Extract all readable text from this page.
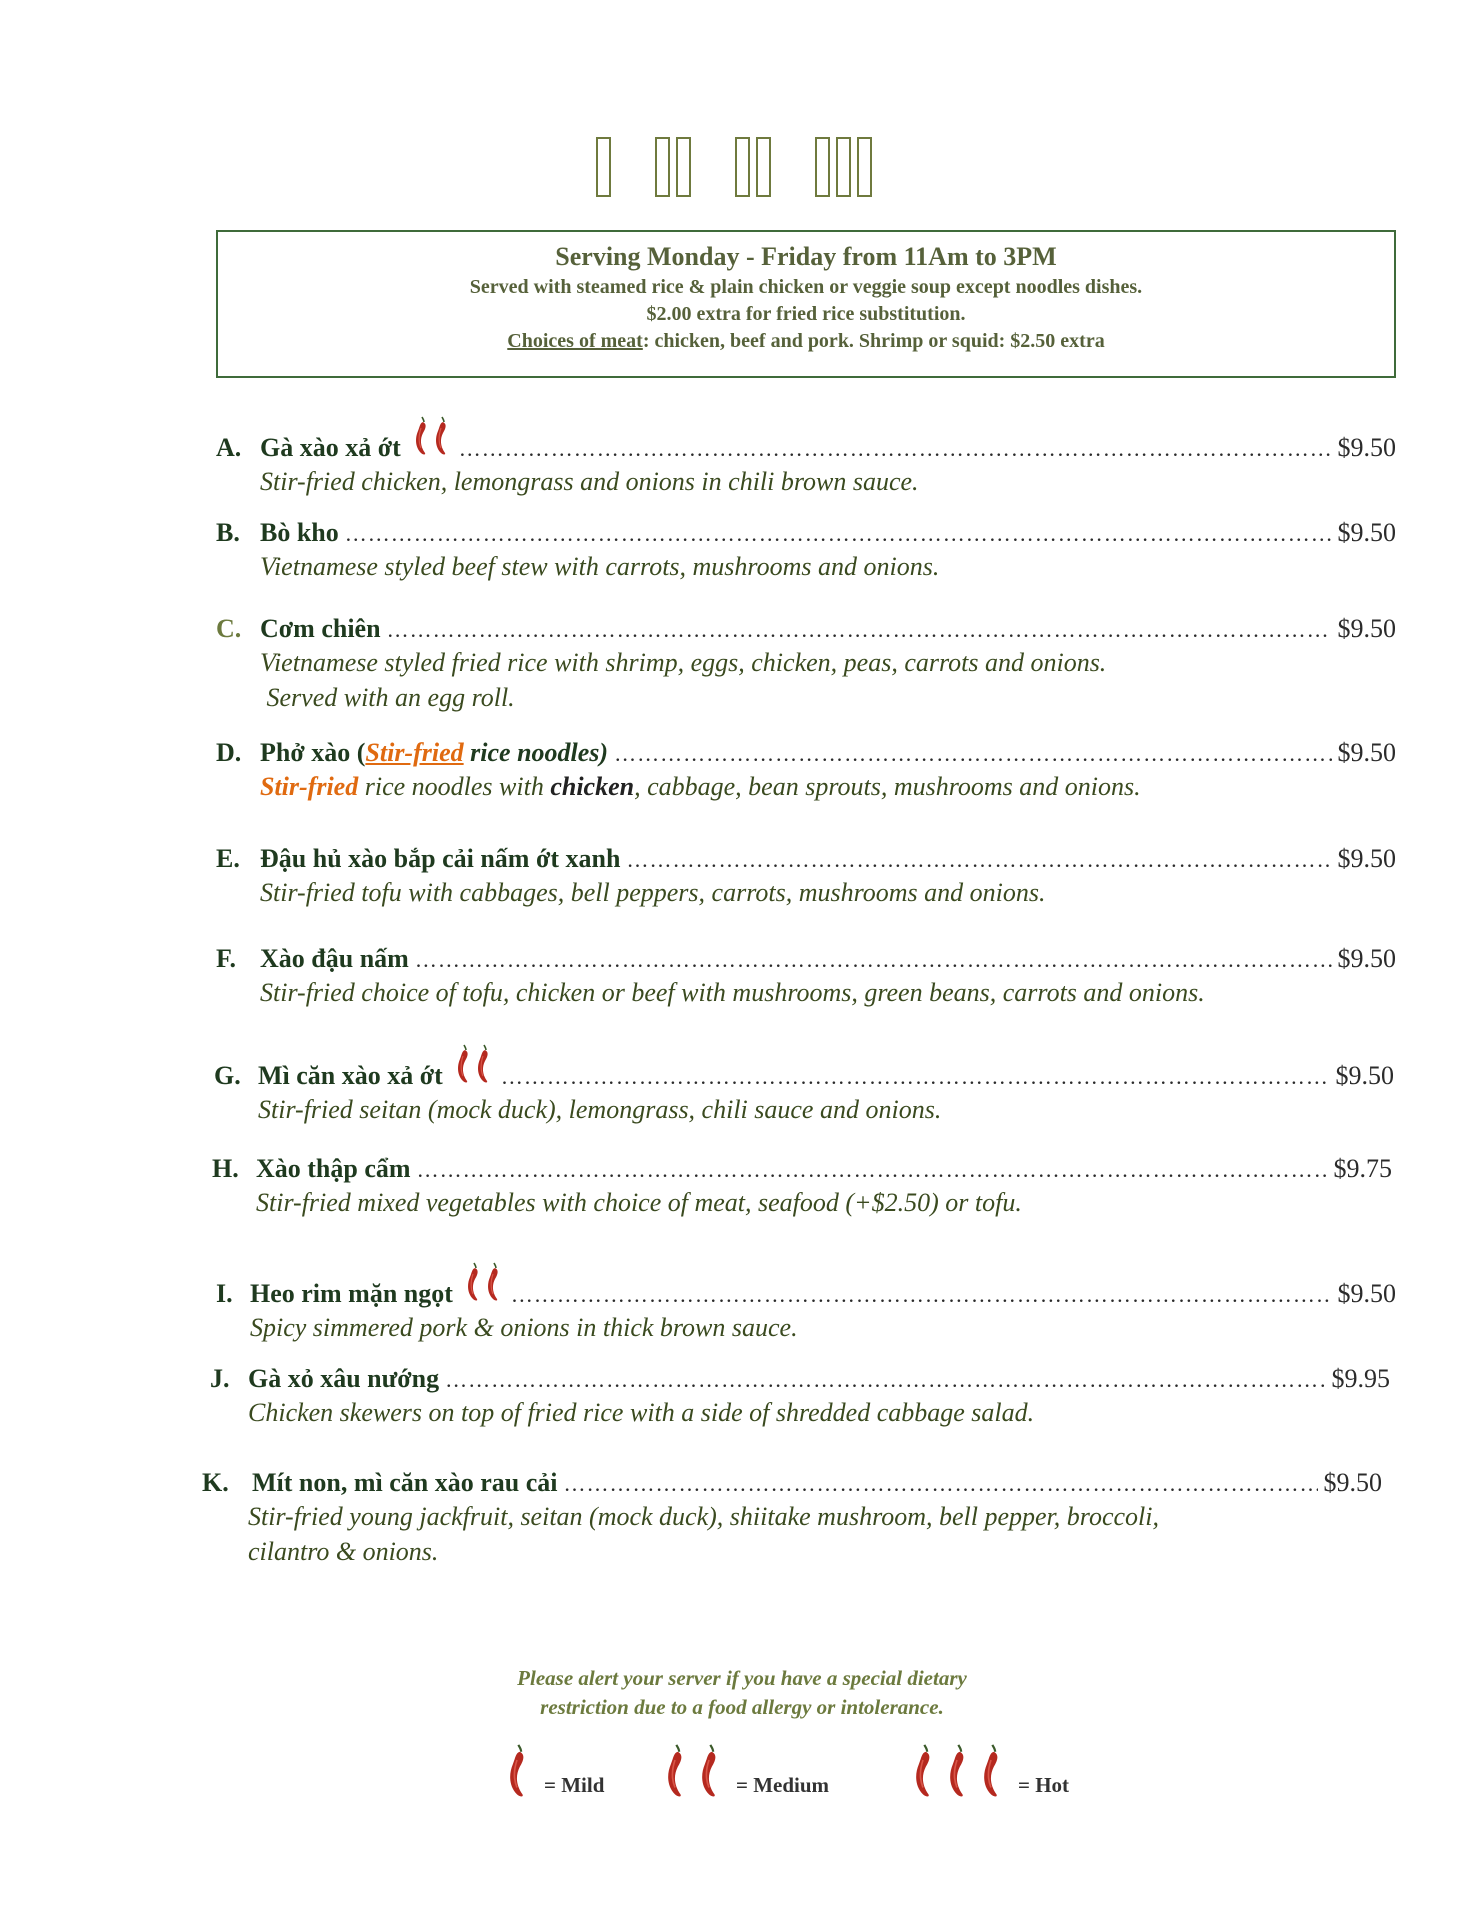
Serving Monday - Friday from 11Am to 3PM
Served with steamed rice & plain chicken or veggie soup except noodles dishes.
$2.00 extra for fried rice substitution.
Choices of meat: chicken, beef and pork. Shrimp or squid: $2.50 extra
A. Gà xào xả ớt ……………………………………………………………………………………………………………………………………………………………………	$9.50
Stir-fried chicken, lemongrass and onions in chili brown sauce.
B. Bò kho ……………………………………………………………………………………………………………………………………………………………………	$9.50
Vietnamese styled beef stew with carrots, mushrooms and onions.
C. Cơm chiên ……………………………………………………………………………………………………………………………………………………………………	$9.50
Vietnamese styled fried rice with shrimp, eggs, chicken, peas, carrots and onions.
Served with an egg roll.
D. Phở xào (Stir-fried rice noodles) ……………………………………………………………………………………………………………………………………………………………………	$9.50
Stir-fried rice noodles with chicken, cabbage, bean sprouts, mushrooms and onions.
E. Đậu hủ xào bắp cải nấm ớt xanh ……………………………………………………………………………………………………………………………………………………………………	$9.50
Stir-fried tofu with cabbages, bell peppers, carrots, mushrooms and onions.
F. Xào đậu nấm ……………………………………………………………………………………………………………………………………………………………………	$9.50
Stir-fried choice of tofu, chicken or beef with mushrooms, green beans, carrots and onions.
G. Mì căn xào xả ớt ……………………………………………………………………………………………………………………………………………………………………	$9.50
Stir-fried seitan (mock duck), lemongrass, chili sauce and onions.
H. Xào thập cẩm ……………………………………………………………………………………………………………………………………………………………………	$9.75
Stir-fried mixed vegetables with choice of meat, seafood (+$2.50) or tofu.
I. Heo rim mặn ngọt ……………………………………………………………………………………………………………………………………………………………………	$9.50
Spicy simmered pork & onions in thick brown sauce.
J. Gà xỏ xâu nướng ……………………………………………………………………………………………………………………………………………………………………	$9.95
Chicken skewers on top of fried rice with a side of shredded cabbage salad.
K. Mít non, mì căn xào rau cải ……………………………………………………………………………………………………………………………………………………………………	$9.50
Stir-fried young jackfruit, seitan (mock duck), shiitake mushroom, bell pepper, broccoli,
cilantro & onions.
Please alert your server if you have a special dietary
restriction due to a food allergy or intolerance.
= Mild	= Medium	= Hot
